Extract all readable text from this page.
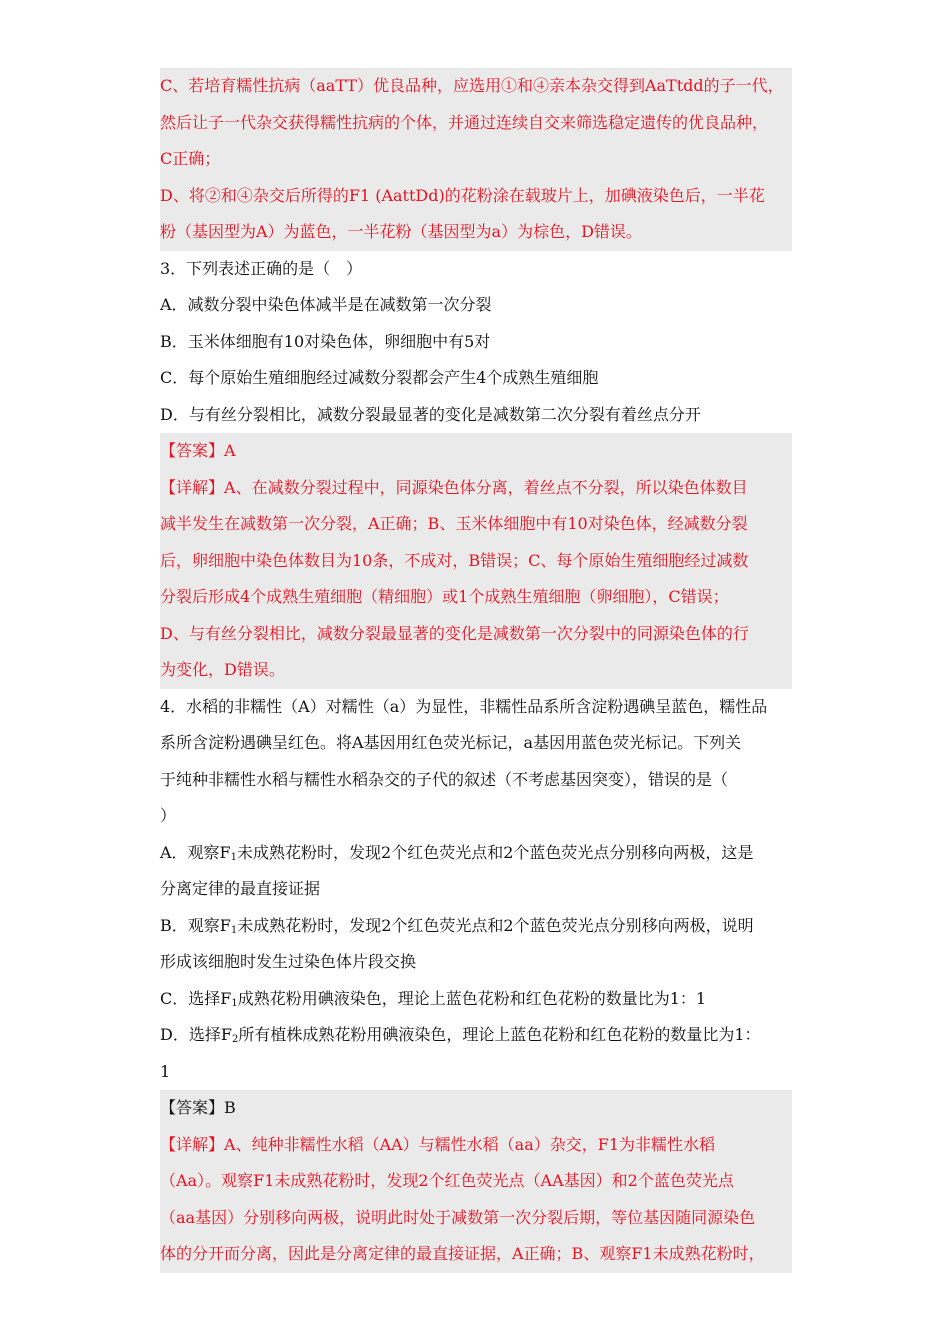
C、若培育糯性抗病（aaTT）优良品种，应选用①和④亲本杂交得到AaTtdd的子一代，
然后让子一代杂交获得糯性抗病的个体，并通过连续自交来筛选稳定遗传的优良品种，
C正确；
D、将②和④杂交后所得的F1 (AattDd)的花粉涂在载玻片上，加碘液染色后，一半花
粉（基因型为A）为蓝色，一半花粉（基因型为a）为棕色，D错误。
3．下列表述正确的是（　）
A．减数分裂中染色体减半是在减数第一次分裂
B．玉米体细胞有10对染色体，卵细胞中有5对
C．每个原始生殖细胞经过减数分裂都会产生4个成熟生殖细胞
D．与有丝分裂相比，减数分裂最显著的变化是减数第二次分裂有着丝点分开
【答案】A
【详解】A、在减数分裂过程中，同源染色体分离，着丝点不分裂，所以染色体数目
减半发生在减数第一次分裂，A正确；B、玉米体细胞中有10对染色体，经减数分裂
后，卵细胞中染色体数目为10条，不成对，B错误；C、每个原始生殖细胞经过减数
分裂后形成4个成熟生殖细胞（精细胞）或1个成熟生殖细胞（卵细胞），C错误；
D、与有丝分裂相比，减数分裂最显著的变化是减数第一次分裂中的同源染色体的行
为变化，D错误。
4．水稻的非糯性（A）对糯性（a）为显性，非糯性品系所含淀粉遇碘呈蓝色，糯性品
系所含淀粉遇碘呈红色。将A基因用红色荧光标记，a基因用蓝色荧光标记。下列关
于纯种非糯性水稻与糯性水稻杂交的子代的叙述（不考虑基因突变），错误的是（
）
A．观察$F_1$未成熟花粉时，发现2个红色荧光点和2个蓝色荧光点分别移向两极，这是
分离定律的最直接证据
B．观察$F_1$未成熟花粉时，发现2个红色荧光点和2个蓝色荧光点分别移向两极，说明
形成该细胞时发生过染色体片段交换
C．选择$F_1$成熟花粉用碘液染色，理论上蓝色花粉和红色花粉的数量比为1：1
D．选择$F_2$所有植株成熟花粉用碘液染色，理论上蓝色花粉和红色花粉的数量比为1：
1
【答案】B
【详解】A、纯种非糯性水稻（AA）与糯性水稻（aa）杂交，F1为非糯性水稻
（Aa）。观察F1未成熟花粉时，发现2个红色荧光点（AA基因）和2个蓝色荧光点
（aa基因）分别移向两极，说明此时处于减数第一次分裂后期，等位基因随同源染色
体的分开而分离，因此是分离定律的最直接证据，A正确；B、观察F1未成熟花粉时，
